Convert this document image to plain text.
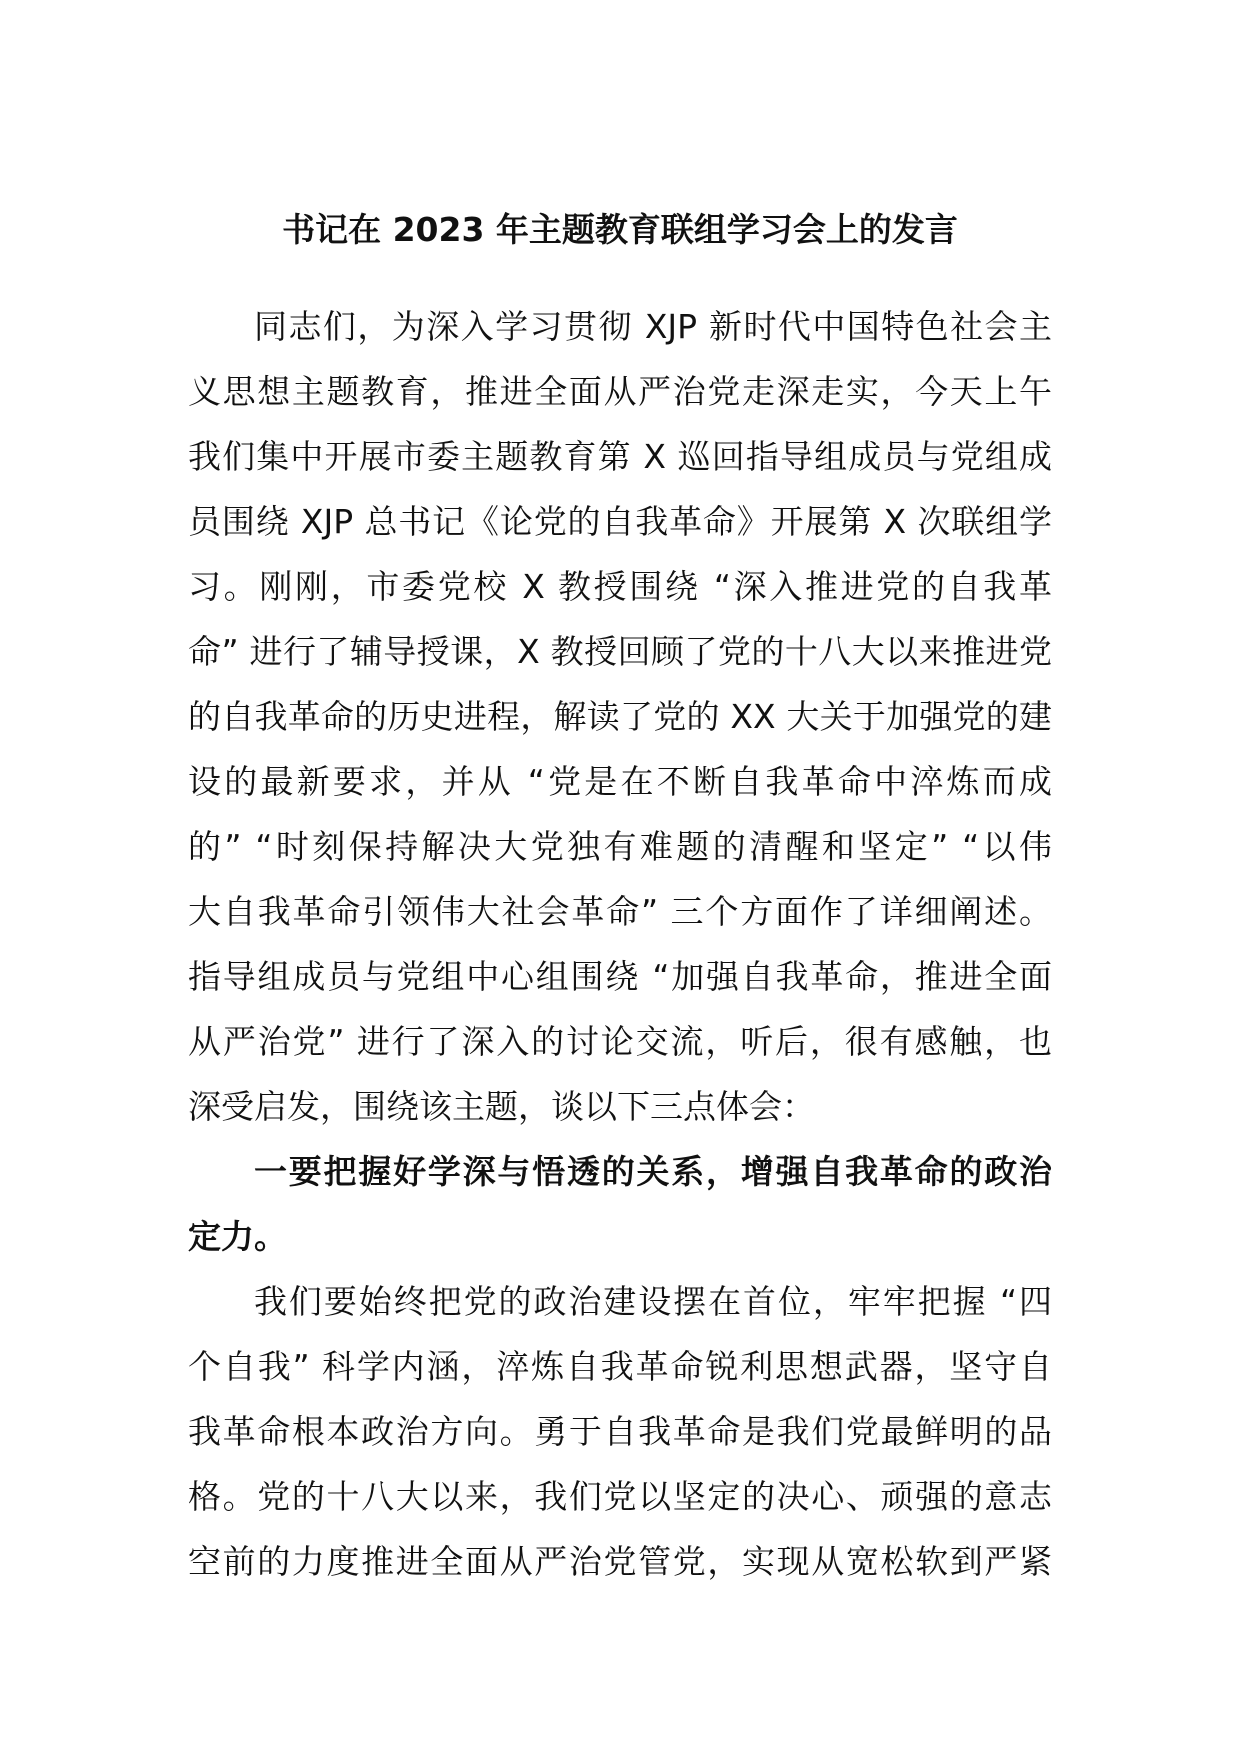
书记在 2023 年主题教育联组学习会上的发言
同志们，为深入学习贯彻 XJP 新时代中国特色社会主
义思想主题教育，推进全面从严治党走深走实，今天上午
我们集中开展市委主题教育第 X 巡回指导组成员与党组成
员围绕 XJP 总书记《论党的自我革命》开展第 X 次联组学
习。刚刚，市委党校 X 教授围绕 “深入推进党的自我革
命” 进行了辅导授课，X 教授回顾了党的十八大以来推进党
的自我革命的历史进程，解读了党的 XX 大关于加强党的建
设的最新要求，并从 “党是在不断自我革命中淬炼而成
的” “时刻保持解决大党独有难题的清醒和坚定” “以伟
大自我革命引领伟大社会革命” 三个方面作了详细阐述。
指导组成员与党组中心组围绕 “加强自我革命，推进全面
从严治党” 进行了深入的讨论交流，听后，很有感触，也
深受启发，围绕该主题，谈以下三点体会：
一要把握好学深与悟透的关系，增强自我革命的政治
定力。
我们要始终把党的政治建设摆在首位，牢牢把握 “四
个自我” 科学内涵，淬炼自我革命锐利思想武器，坚守自
我革命根本政治方向。勇于自我革命是我们党最鲜明的品
格。党的十八大以来，我们党以坚定的决心、顽强的意志
空前的力度推进全面从严治党管党，实现从宽松软到严紧
